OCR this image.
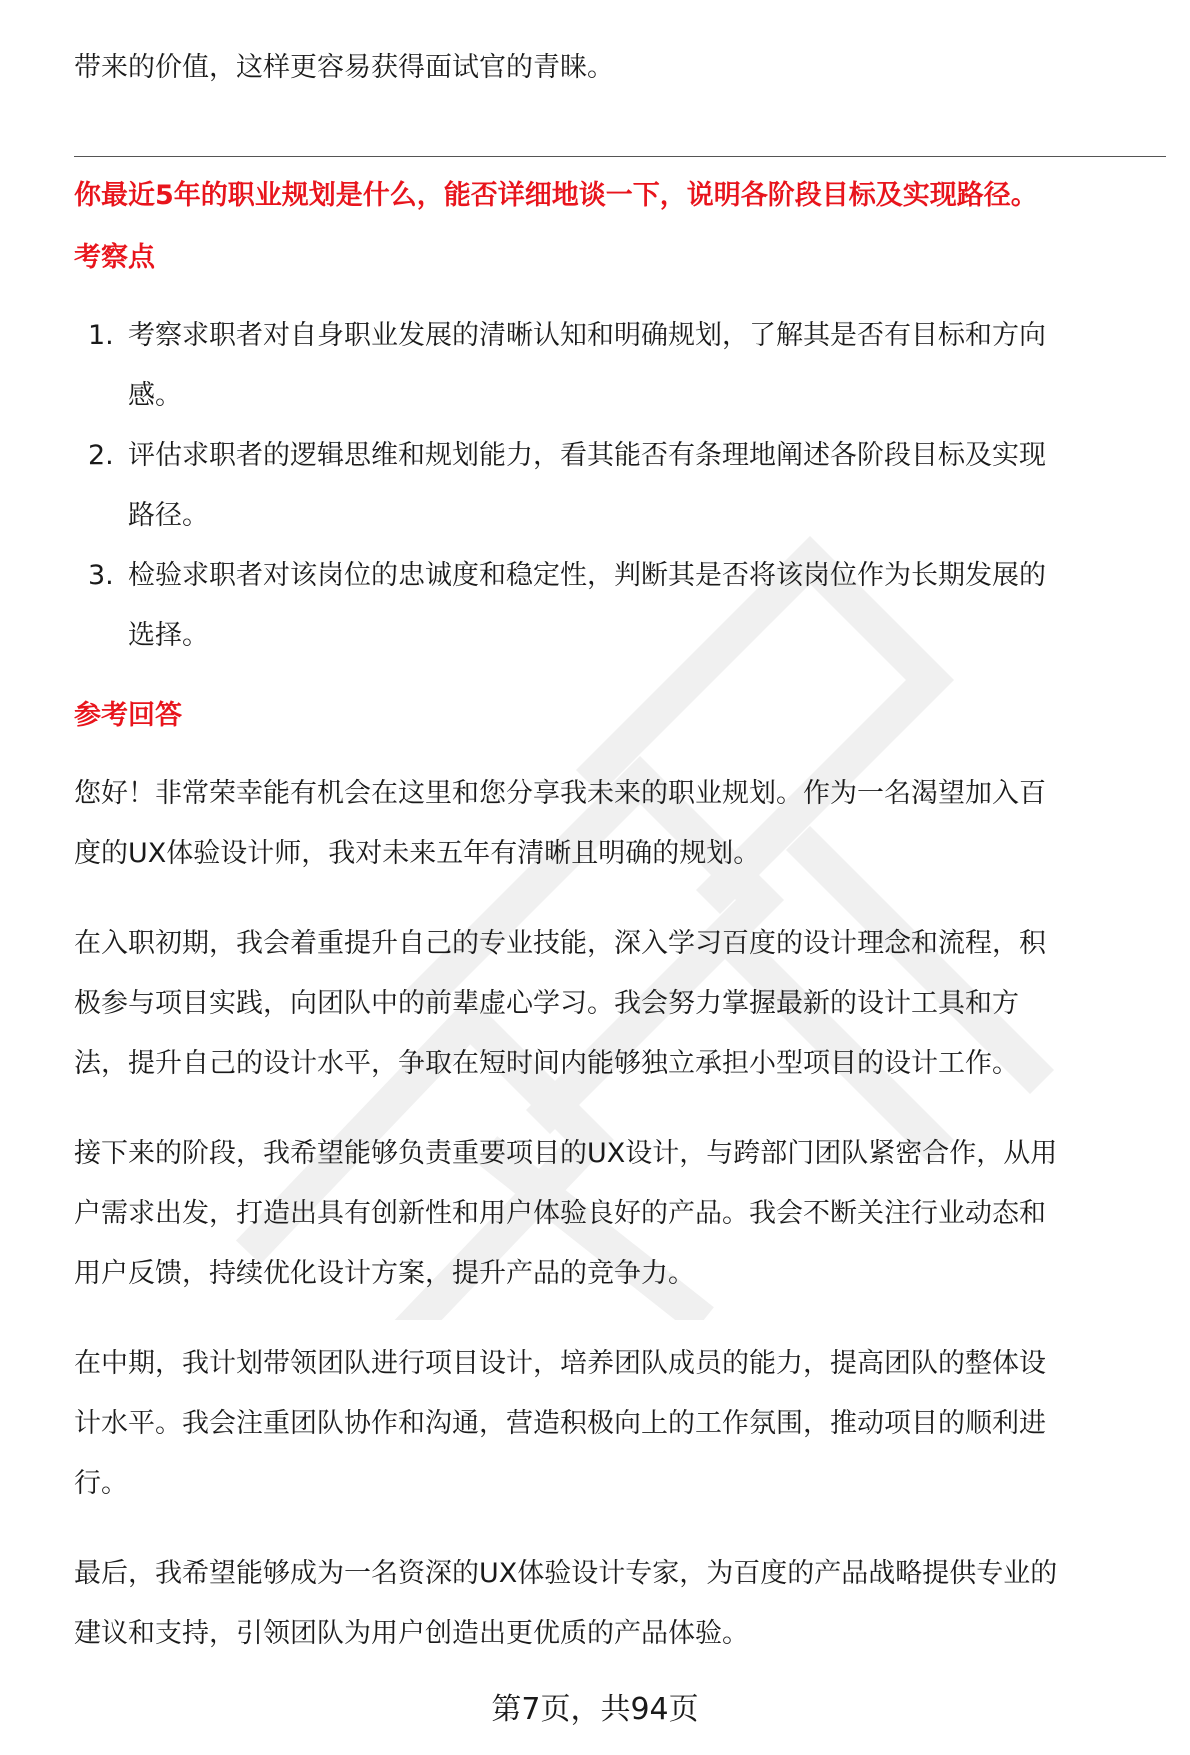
带来的价值，这样更容易获得面试官的青睐。
你最近5年的职业规划是什么，能否详细地谈一下，说明各阶段目标及实现路径。
考察点
1. 考察求职者对自身职业发展的清晰认知和明确规划，了解其是否有目标和方向
感。
2. 评估求职者的逻辑思维和规划能力，看其能否有条理地阐述各阶段目标及实现
路径。
3. 检验求职者对该岗位的忠诚度和稳定性，判断其是否将该岗位作为长期发展的
选择。
参考回答
您好！非常荣幸能有机会在这里和您分享我未来的职业规划。作为一名渴望加入百
度的UX体验设计师，我对未来五年有清晰且明确的规划。
在入职初期，我会着重提升自己的专业技能，深入学习百度的设计理念和流程，积
极参与项目实践，向团队中的前辈虚心学习。我会努力掌握最新的设计工具和方
法，提升自己的设计水平，争取在短时间内能够独立承担小型项目的设计工作。
接下来的阶段，我希望能够负责重要项目的UX设计，与跨部门团队紧密合作，从用
户需求出发，打造出具有创新性和用户体验良好的产品。我会不断关注行业动态和
用户反馈，持续优化设计方案，提升产品的竞争力。
在中期，我计划带领团队进行项目设计，培养团队成员的能力，提高团队的整体设
计水平。我会注重团队协作和沟通，营造积极向上的工作氛围，推动项目的顺利进
行。
最后，我希望能够成为一名资深的UX体验设计专家，为百度的产品战略提供专业的
建议和支持，引领团队为用户创造出更优质的产品体验。
第7页，共94页
